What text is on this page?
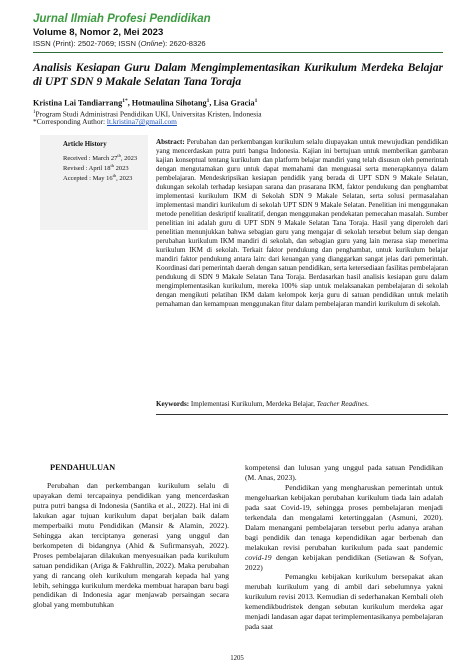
Jurnal Ilmiah Profesi Pendidikan
Volume 8, Nomor 2, Mei 2023
ISSN (Print): 2502-7069; ISSN (Online): 2620-8326
Analisis Kesiapan Guru Dalam Mengimplementasikan Kurikulum Merdeka Belajar di UPT SDN 9 Makale Selatan Tana Toraja
Kristina Lai Tandiarrang$^{1*}$, Hotmaulina Sihotang$^1$, Lisa Gracia$^1$
$^1$Program Studi Administrasi Pendidikan UKI, Universitas Kristen, Indonesia
*Corresponding Author: lt.kristina7@gmail.com
Article History
Received : March 27th, 2023
Revised : April 18th 2023
Accepted : May 16th, 2023
Abstract: Perubahan dan perkembangan kurikulum selalu diupayakan untuk mewujudkan pendidikan yang mencerdaskan putra putri bangsa Indonesia. Kajian ini bertujuan untuk memberikan gambaran kajian konseptual tentang kurikulum dan platform belajar mandiri yang telah disusun oleh pemerintah dengan mengutamakan guru untuk dapat memahami dan menguasai serta menerapkannya dalam pembelajaran. Mendeskripsikan kesiapan pendidik yang berada di UPT SDN 9 Makale Selatan, dukungan sekolah terhadap kesiapan sarana dan prasarana IKM, faktor pendukung dan penghambat implementasi kurikulum IKM di Sekolah SDN 9 Makale Selatan, serta solusi permasalahan implementasi mandiri kurikulum di sekolah UPT SDN 9 Makale Selatan. Penelitian ini menggunakan metode penelitian deskriptif kualitatif, dengan menggunakan pendekatan pemecahan masalah. Sumber penelitian ini adalah guru di UPT SDN 9 Makale Selatan Tana Toraja. Hasil yang diperoleh dari penelitian menunjukkan bahwa sebagian guru yang mengajar di sekolah tersebut belum siap dengan perubahan kurikulum IKM mandiri di sekolah, dan sebagian guru yang lain merasa siap menerima kurikulum IKM di sekolah. Terkait faktor pendukung dan penghambat, untuk kurikulum belajar mandiri faktor pendukung antara lain: dari keuangan yang dianggarkan sangat jelas dari pemerintah. Koordinasi dari pemerintah daerah dengan satuan pendidikan, serta ketersediaan fasilitas pembelajaran pendukung di SDN 9 Makale Selatan Tana Toraja. Berdasarkan hasil analisis kesiapan guru dalam mengimplementasikan kurikulum, mereka 100% siap untuk melaksanakan pembelajaran di sekolah dengan mengikuti pelatihan IKM dalam kelompok kerja guru di satuan pendidikan untuk melatih pemahaman dan kemampuan menggunakan fitur dalam pembelajaran mandiri kurikulum di sekolah.
Keywords: Implementasi Kurikulum, Merdeka Belajar, Teacher Readines.
PENDAHULUAN

Perubahan dan perkembangan kurikulum selalu di upayakan demi tercapainya pendidikan yang mencerdaskan putra putri bangsa di Indonesia (Santika et al., 2022). Hal ini di lakukan agar tujuan kurikulum dapat berjalan baik dalam memperbaiki mutu Pendidikan (Mansir & Alamin, 2022). Sehingga akan terciptanya generasi yang unggul dan berkompeten di bidangnya (Ahid & Sufirmansyah, 2022). Proses pembelajaran dilakukan menyesuaikan pada kurikulum satuan pendidikan (Ariga & Fakhrullin, 2022). Maka perubahan yang di rancang oleh kurikulum mengarah kepada hal yang lebih, sehingga kurikulum merdeka membuat harapan baru bagi pendidikan di Indonesia agar menjawab persaingan secara global yang membutuhkan

kompetensi dan lulusan yang unggul pada satuan Pendidikan (M. Anas, 2023).

Pendidikan yang mengharuskan pemerintah untuk mengeluarkan kebijakan perubahan kurikulum tiada lain adalah pada saat Covid-19, sehingga proses pembelajaran menjadi terkendala dan mengalami ketertinggalan (Asmuni, 2020). Dalam menangani pembelajaran tersebut perlu adanya arahan bagi pendidik dan tenaga kependidikan agar berbenah dan melakukan revisi perubahan kurikulum pada saat pandemic covid-19 dengan kebijakan pendidikan (Setiawan & Sofyan, 2022)

Pemangku kebijakan kurikulum bersepakat akan merubah kurikulum yang di ambil dari sebelumnya yakni kurikulum revisi 2013. Kemudian di sederhanakan Kembali oleh kemendikbudristek dengan sebutan kurikulum merdeka agar menjadi landasan agar dapat terimplementasikanya pembelajaran pada saat

1205
